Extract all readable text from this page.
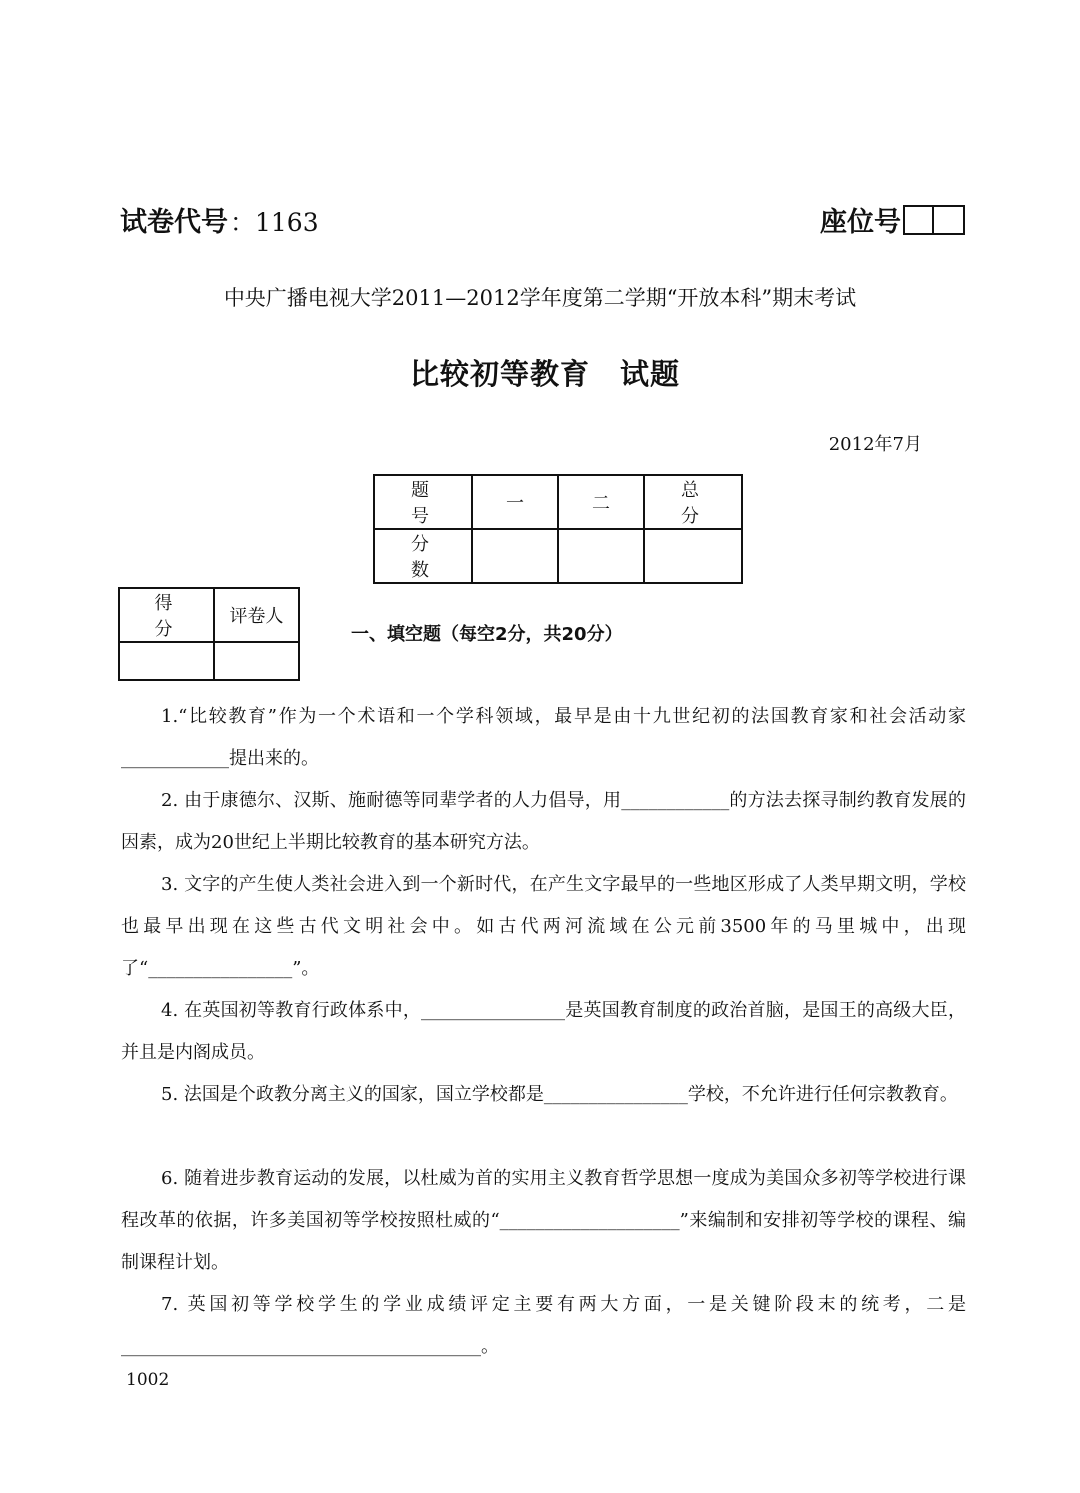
试卷代号：1163	座位号
中央广播电视大学2011—2012学年度第二学期“开放本科”期末考试
比较初等教育　试题
2012年7月
题　号	一	二	总　分
分　数			
得　分	评卷人

一、填空题（每空2分，共20分）
1.“比较教育”作为一个术语和一个学科领域，最早是由十九世纪初的法国教育家和社会活动家____________提出来的。
2. 由于康德尔、汉斯、施耐德等同辈学者的人力倡导，用____________的方法去探寻制约教育发展的因素，成为20世纪上半期比较教育的基本研究方法。
3. 文字的产生使人类社会进入到一个新时代，在产生文字最早的一些地区形成了人类早期文明，学校也最早出现在这些古代文明社会中。如古代两河流域在公元前3500年的马里城中，出现了“________________”。
4. 在英国初等教育行政体系中，________________是英国教育制度的政治首脑，是国王的高级大臣，并且是内阁成员。
5. 法国是个政教分离主义的国家，国立学校都是________________学校，不允许进行任何宗教教育。
6. 随着进步教育运动的发展，以杜威为首的实用主义教育哲学思想一度成为美国众多初等学校进行课程改革的依据，许多美国初等学校按照杜威的“____________________”来编制和安排初等学校的课程、编制课程计划。
7. 英国初等学校学生的学业成绩评定主要有两大方面，一是关键阶段末的统考，二是________________________________________。
1002
